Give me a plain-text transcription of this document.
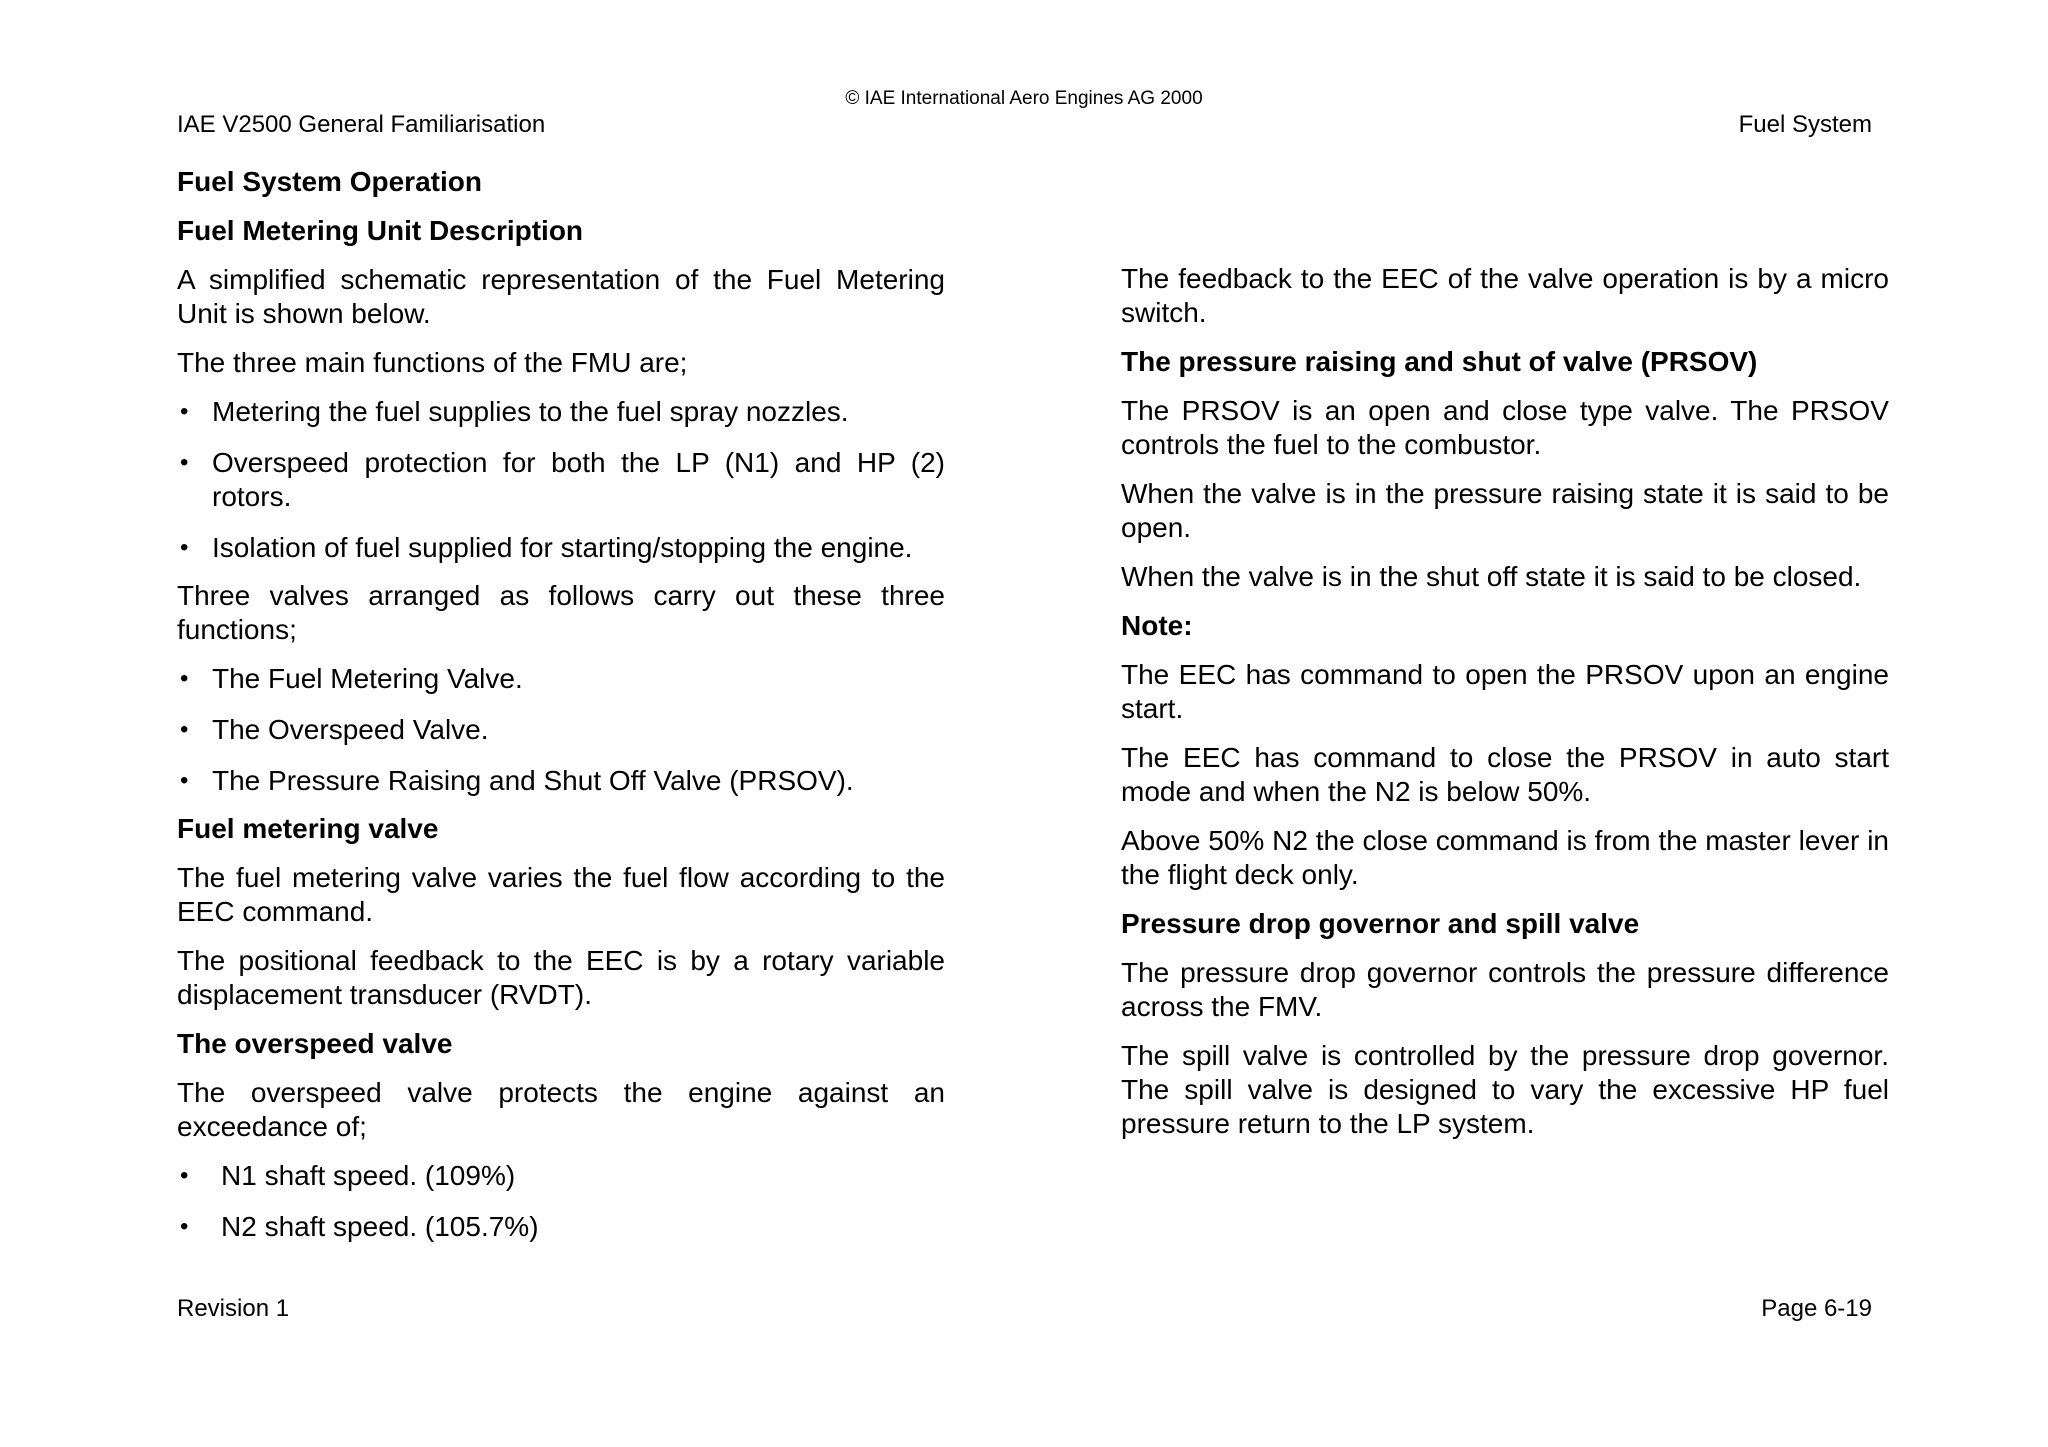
© IAE International Aero Engines AG 2000
IAE V2500 General Familiarisation	Fuel System
Fuel System Operation
Fuel Metering Unit Description

A simplified schematic representation of the Fuel Metering Unit is shown below.

The three main functions of the FMU are;

• Metering the fuel supplies to the fuel spray nozzles.
• Overspeed protection for both the LP (N1) and HP (2) rotors.
• Isolation of fuel supplied for starting/stopping the engine.

Three valves arranged as follows carry out these three functions;

• The Fuel Metering Valve.
• The Overspeed Valve.
• The Pressure Raising and Shut Off Valve (PRSOV).
Fuel metering valve

The fuel metering valve varies the fuel flow according to the EEC command.

The positional feedback to the EEC is by a rotary variable displacement transducer (RVDT).

The overspeed valve

The overspeed valve protects the engine against an exceedance of;

• N1 shaft speed. (109%)
• N2 shaft speed. (105.7%)

The feedback to the EEC of the valve operation is by a micro switch.

The pressure raising and shut of valve (PRSOV)

The PRSOV is an open and close type valve. The PRSOV controls the fuel to the combustor.

When the valve is in the pressure raising state it is said to be open.

When the valve is in the shut off state it is said to be closed.

Note:

The EEC has command to open the PRSOV upon an engine start.

The EEC has command to close the PRSOV in auto start mode and when the N2 is below 50%.

Above 50% N2 the close command is from the master lever in the flight deck only.

Pressure drop governor and spill valve

The pressure drop governor controls the pressure difference across the FMV.

The spill valve is controlled by the pressure drop governor. The spill valve is designed to vary the excessive HP fuel pressure return to the LP system.

Revision 1	Page 6-19
